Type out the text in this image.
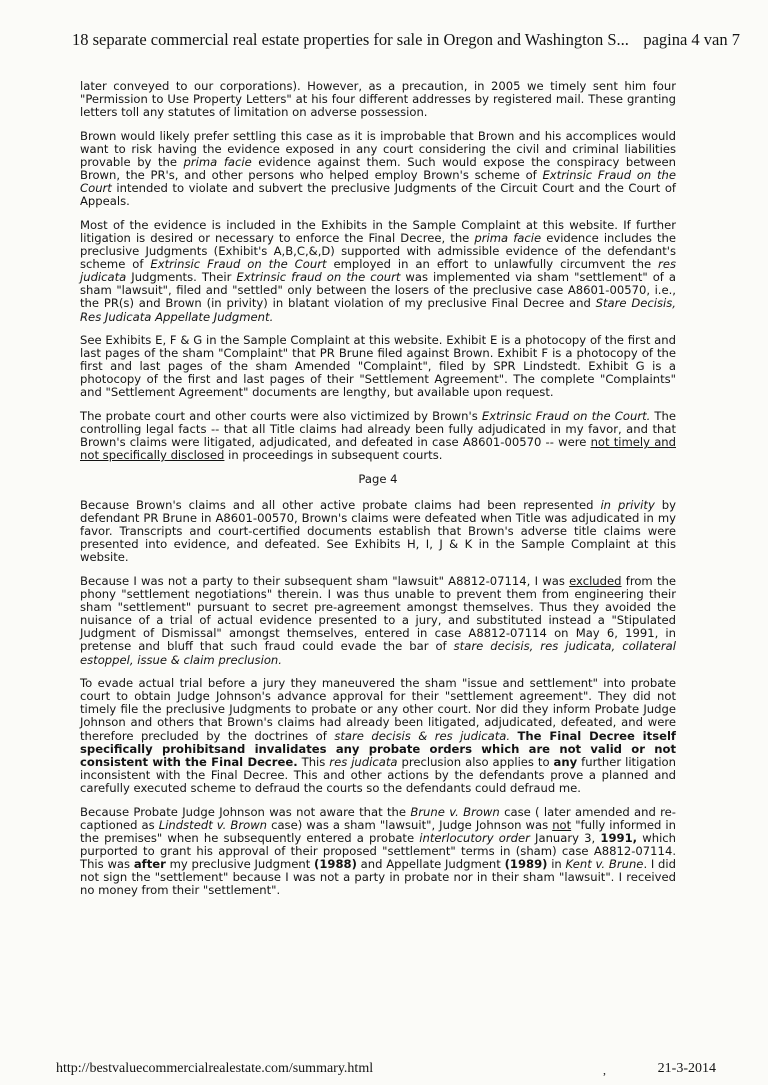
18 separate commercial real estate properties for sale in Oregon and Washington S... pagina 4 van 7

later conveyed to our corporations). However, as a precaution, in 2005 we timely sent him four "Permission to Use Property Letters" at his four different addresses by registered mail. These granting letters toll any statutes of limitation on adverse possession.

Brown would likely prefer settling this case as it is improbable that Brown and his accomplices would want to risk having the evidence exposed in any court considering the civil and criminal liabilities provable by the prima facie evidence against them. Such would expose the conspiracy between Brown, the PR's, and other persons who helped employ Brown's scheme of Extrinsic Fraud on the Court intended to violate and subvert the preclusive Judgments of the Circuit Court and the Court of Appeals.

Most of the evidence is included in the Exhibits in the Sample Complaint at this website. If further litigation is desired or necessary to enforce the Final Decree, the prima facie evidence includes the preclusive Judgments (Exhibit's A,B,C,&,D) supported with admissible evidence of the defendant's scheme of Extrinsic Fraud on the Court employed in an effort to unlawfully circumvent the res judicata Judgments. Their Extrinsic fraud on the court was implemented via sham "settlement" of a sham "lawsuit", filed and "settled" only between the losers of the preclusive case A8601-00570, i.e., the PR(s) and Brown (in privity) in blatant violation of my preclusive Final Decree and Stare Decisis, Res Judicata Appellate Judgment.

See Exhibits E, F & G in the Sample Complaint at this website. Exhibit E is a photocopy of the first and last pages of the sham "Complaint" that PR Brune filed against Brown. Exhibit F is a photocopy of the first and last pages of the sham Amended "Complaint", filed by SPR Lindstedt. Exhibit G is a photocopy of the first and last pages of their "Settlement Agreement". The complete "Complaints" and "Settlement Agreement" documents are lengthy, but available upon request.

The probate court and other courts were also victimized by Brown's Extrinsic Fraud on the Court. The controlling legal facts -- that all Title claims had already been fully adjudicated in my favor, and that Brown's claims were litigated, adjudicated, and defeated in case A8601-00570 -- were not timely and not specifically disclosed in proceedings in subsequent courts.

Page 4

Because Brown's claims and all other active probate claims had been represented in privity by defendant PR Brune in A8601-00570, Brown's claims were defeated when Title was adjudicated in my favor. Transcripts and court-certified documents establish that Brown's adverse title claims were presented into evidence, and defeated. See Exhibits H, I, J & K in the Sample Complaint at this website.

Because I was not a party to their subsequent sham "lawsuit" A8812-07114, I was excluded from the phony "settlement negotiations" therein. I was thus unable to prevent them from engineering their sham "settlement" pursuant to secret pre-agreement amongst themselves. Thus they avoided the nuisance of a trial of actual evidence presented to a jury, and substituted instead a "Stipulated Judgment of Dismissal" amongst themselves, entered in case A8812-07114 on May 6, 1991, in pretense and bluff that such fraud could evade the bar of stare decisis, res judicata, collateral estoppel, issue & claim preclusion.

To evade actual trial before a jury they maneuvered the sham "issue and settlement" into probate court to obtain Judge Johnson's advance approval for their "settlement agreement". They did not timely file the preclusive Judgments to probate or any other court. Nor did they inform Probate Judge Johnson and others that Brown's claims had already been litigated, adjudicated, defeated, and were therefore precluded by the doctrines of stare decisis & res judicata. The Final Decree itself specifically prohibitsand invalidates any probate orders which are not valid or not consistent with the Final Decree. This res judicata preclusion also applies to any further litigation inconsistent with the Final Decree. This and other actions by the defendants prove a planned and carefully executed scheme to defraud the courts so the defendants could defraud me.

Because Probate Judge Johnson was not aware that the Brune v. Brown case ( later amended and re-captioned as Lindstedt v. Brown case) was a sham "lawsuit", Judge Johnson was not "fully informed in the premises" when he subsequently entered a probate interlocutory order January 3, 1991, which purported to grant his approval of their proposed "settlement" terms in (sham) case A8812-07114. This was after my preclusive Judgment (1988) and Appellate Judgment (1989) in Kent v. Brune. I did not sign the "settlement" because I was not a party in probate nor in their sham "lawsuit". I received no money from their "settlement".

http://bestvaluecommercialrealestate.com/summary.html	,	21-3-2014
